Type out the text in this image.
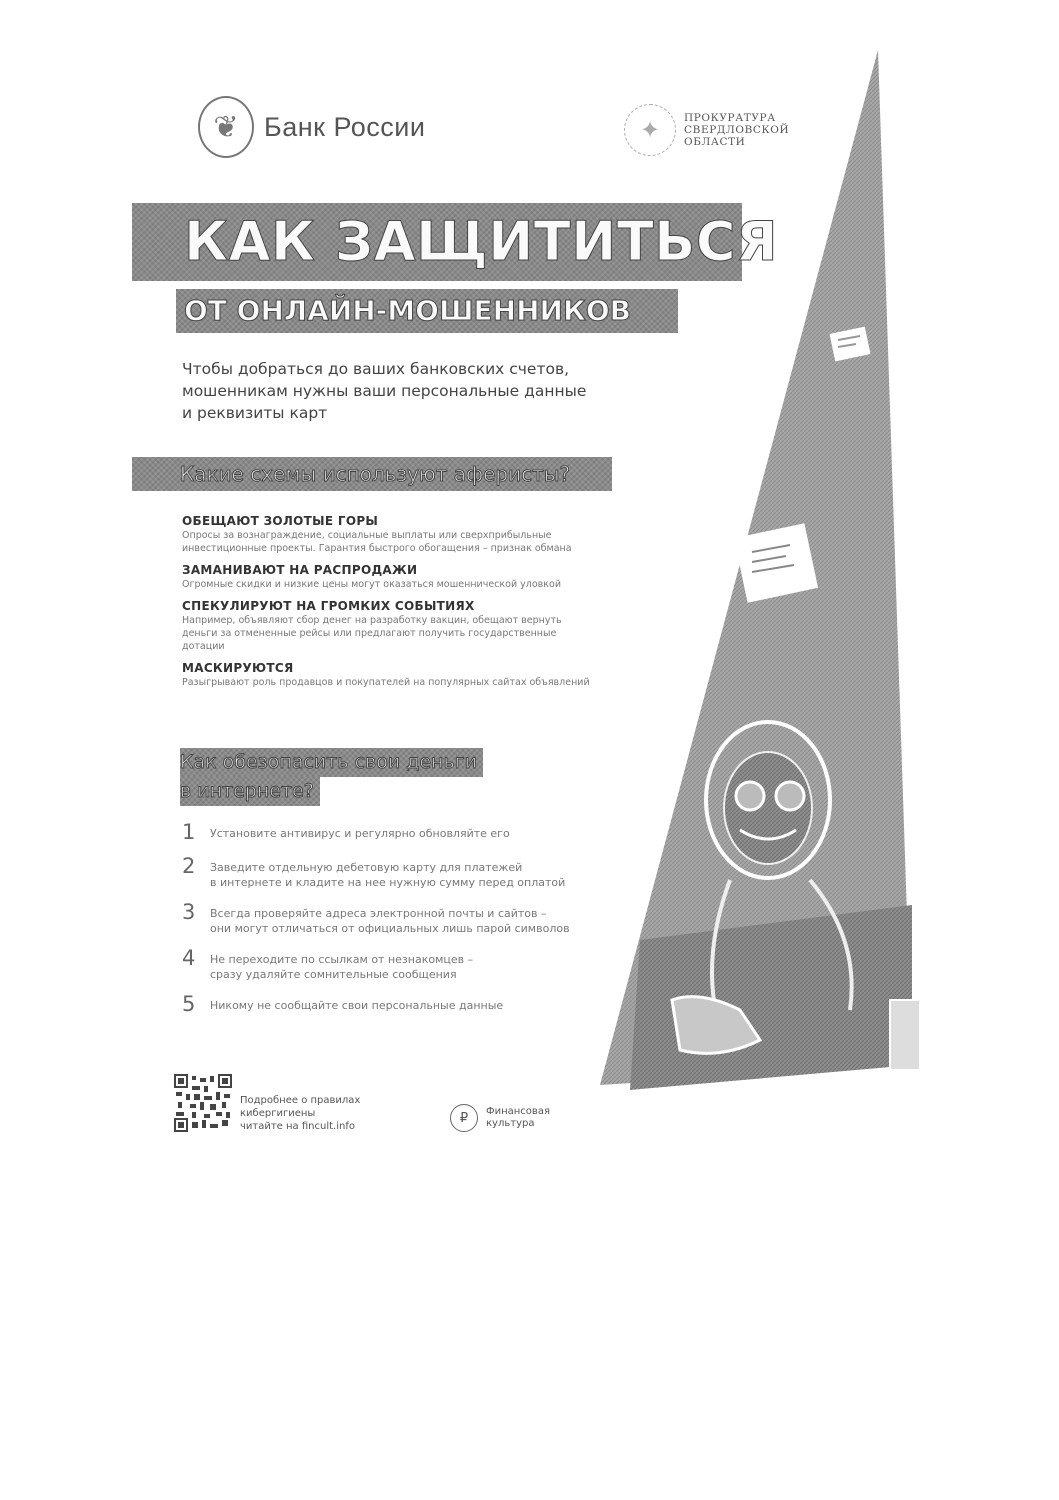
❦ Банк России	✦	ПРОКУРАТУРА
СВЕРДЛОВСКОЙ
ОБЛАСТИ
КАК ЗАЩИТИТЬСЯ
ОТ ОНЛАЙН-МОШЕННИКОВ
Чтобы добраться до ваших банковских счетов,
мошенникам нужны ваши персональные данные
и реквизиты карт
Какие схемы используют аферисты?
ОБЕЩАЮТ ЗОЛОТЫЕ ГОРЫ
Опросы за вознаграждение, социальные выплаты или сверхприбыльные
инвестиционные проекты. Гарантия быстрого обогащения – признак обмана
ЗАМАНИВАЮТ НА РАСПРОДАЖИ
Огромные скидки и низкие цены могут оказаться мошеннической уловкой
СПЕКУЛИРУЮТ НА ГРОМКИХ СОБЫТИЯХ
Например, объявляют сбор денег на разработку вакцин, обещают вернуть
деньги за отмененные рейсы или предлагают получить государственные
дотации
МАСКИРУЮТСЯ
Разыгрывают роль продавцов и покупателей на популярных сайтах объявлений
Как обезопасить свои деньги
в интернете?
1	Установите антивирус и регулярно обновляйте его
2	Заведите отдельную дебетовую карту для платежей
в интернете и кладите на нее нужную сумму перед оплатой
3	Всегда проверяйте адреса электронной почты и сайтов –
они могут отличаться от официальных лишь парой символов
4	Не переходите по ссылкам от незнакомцев –
сразу удаляйте сомнительные сообщения
5	Никому не сообщайте свои персональные данные
Подробнее о правилах
кибергигиены
читайте на fincult.info
₽	Финансовая
культура
